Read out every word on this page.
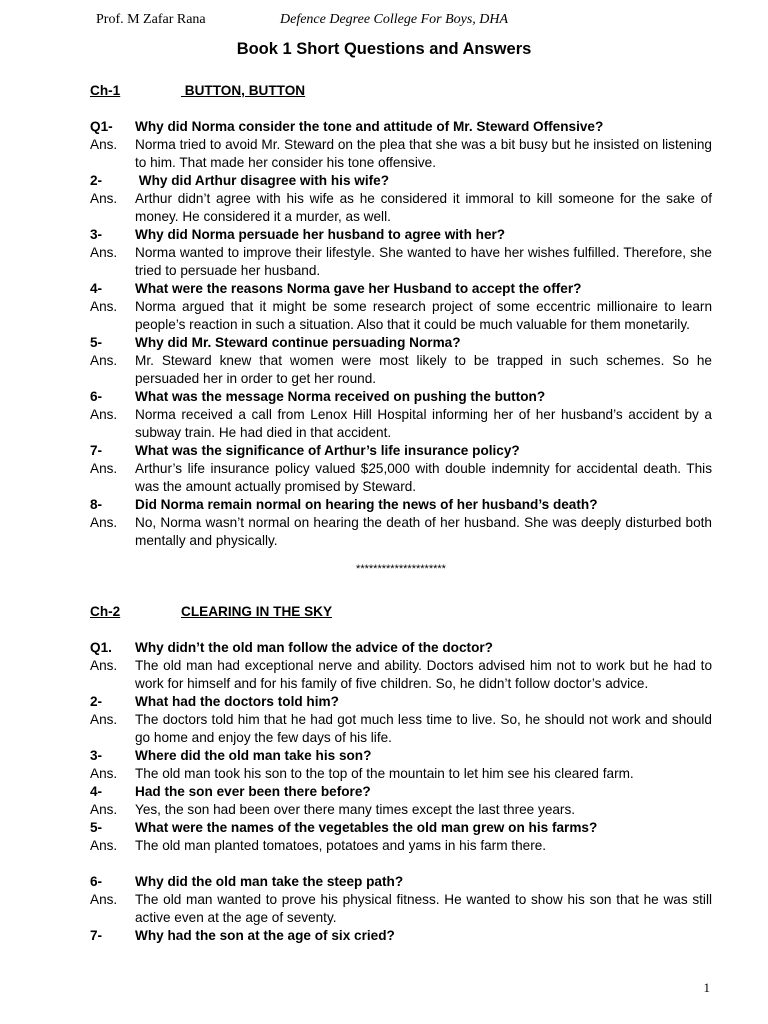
Prof. M Zafar Rana	Defence Degree College For Boys, DHA
Book 1 Short Questions and Answers
Ch-1	BUTTON, BUTTON
Q1-	Why did Norma consider the tone and attitude of Mr. Steward Offensive?
Ans.	Norma tried to avoid Mr. Steward on the plea that she was a bit busy but he insisted on listening to him. That made her consider his tone offensive.
2-	Why did Arthur disagree with his wife?
Ans.	Arthur didn’t agree with his wife as he considered it immoral to kill someone for the sake of money. He considered it a murder, as well.
3-	Why did Norma persuade her husband to agree with her?
Ans.	Norma wanted to improve their lifestyle. She wanted to have her wishes fulfilled. Therefore, she tried to persuade her husband.
4-	What were the reasons Norma gave her Husband to accept the offer?
Ans.	Norma argued that it might be some research project of some eccentric millionaire to learn people’s reaction in such a situation. Also that it could be much valuable for them monetarily.
5-	Why did Mr. Steward continue persuading Norma?
Ans.	Mr. Steward knew that women were most likely to be trapped in such schemes. So he persuaded her in order to get her round.
6-	What was the message Norma received on pushing the button?
Ans.	Norma received a call from Lenox Hill Hospital informing her of her husband’s accident by a subway train. He had died in that accident.
7-	What was the significance of Arthur’s life insurance policy?
Ans.	Arthur’s life insurance policy valued $25,000 with double indemnity for accidental death. This was the amount actually promised by Steward.
8-	Did Norma remain normal on hearing the news of her husband’s death?
Ans.	No, Norma wasn’t normal on hearing the death of her husband. She was deeply disturbed both mentally and physically.
*********************
Ch-2	CLEARING IN THE SKY
Q1.	Why didn’t the old man follow the advice of the doctor?
Ans.	The old man had exceptional nerve and ability. Doctors advised him not to work but he had to work for himself and for his family of five children. So, he didn’t follow doctor’s advice.
2-	What had the doctors told him?
Ans.	The doctors told him that he had got much less time to live. So, he should not work and should go home and enjoy the few days of his life.
3-	Where did the old man take his son?
Ans.	The old man took his son to the top of the mountain to let him see his cleared farm.
4-	Had the son ever been there before?
Ans.	Yes, the son had been over there many times except the last three years.
5-	What were the names of the vegetables the old man grew on his farms?
Ans.	The old man planted tomatoes, potatoes and yams in his farm there.
6-	Why did the old man take the steep path?
Ans.	The old man wanted to prove his physical fitness. He wanted to show his son that he was still active even at the age of seventy.
7-	Why had the son at the age of six cried?
1
